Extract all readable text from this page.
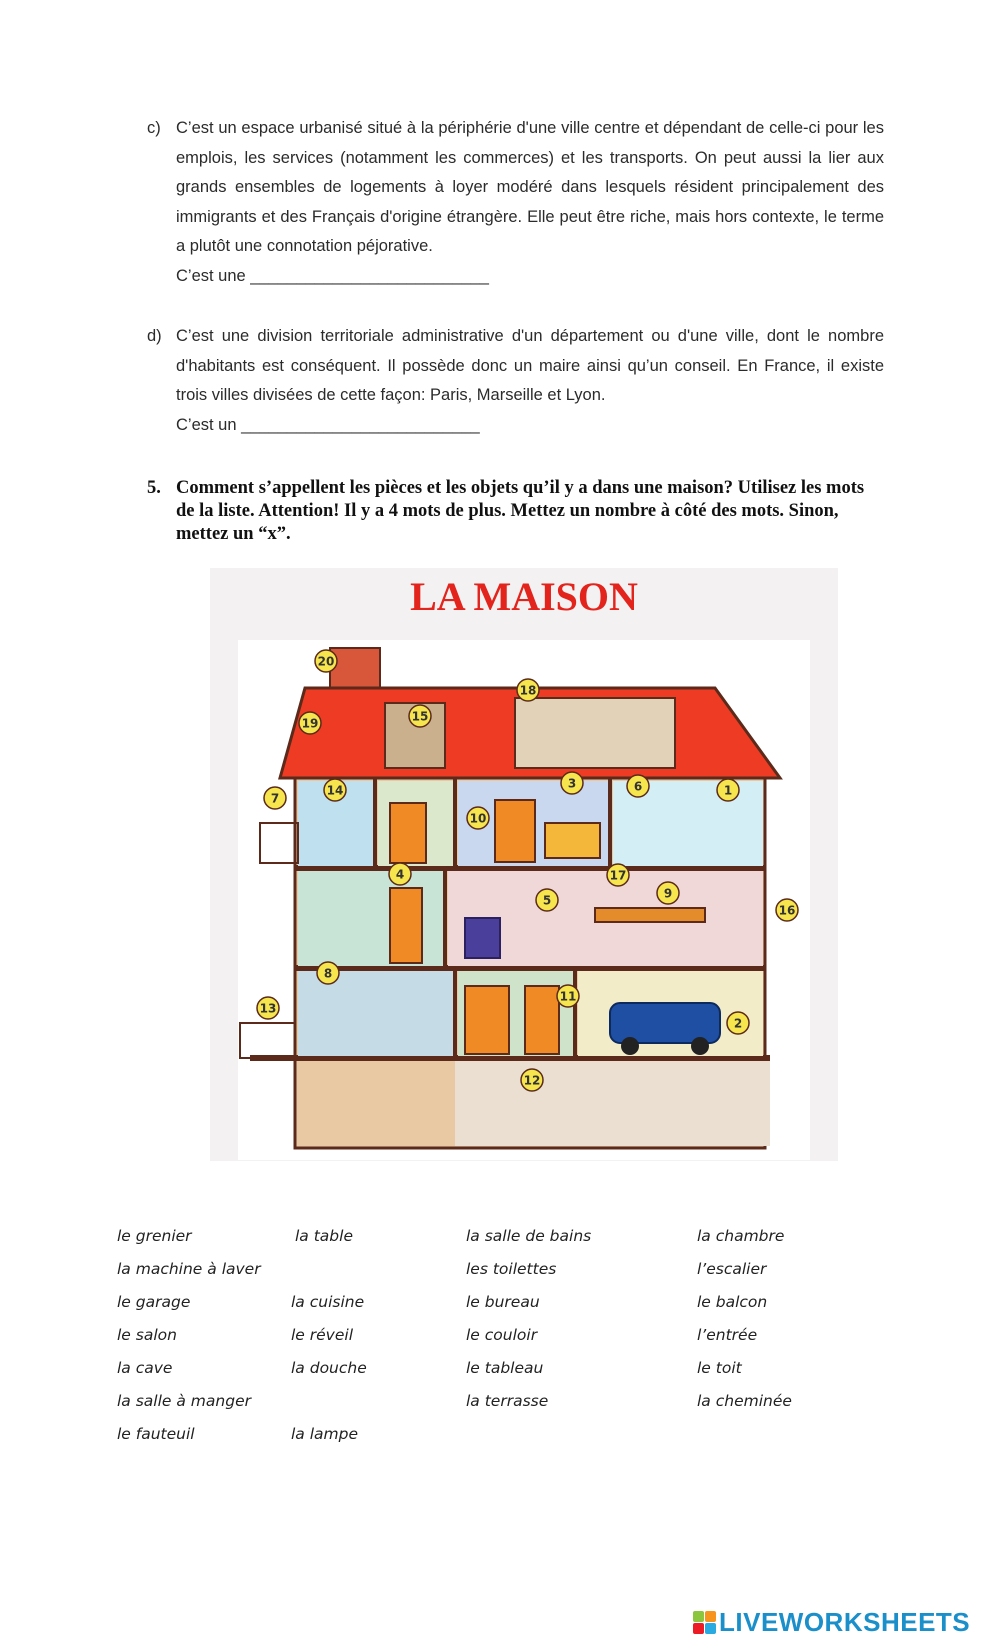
c) C’est un espace urbanisé situé à la périphérie d'une ville centre et dépendant de celle-ci pour les emplois, les services (notamment les commerces) et les transports. On peut aussi la lier aux grands ensembles de logements à loyer modéré dans lesquels résident principalement des immigrants et des Français d'origine étrangère. Elle peut être riche, mais hors contexte, le terme a plutôt une connotation péjorative.
C’est une __________________________
d) C’est une division territoriale administrative d'un département ou d'une ville, dont le nombre d'habitants est conséquent. Il possède donc un maire ainsi qu’un conseil. En France, il existe trois villes divisées de cette façon: Paris, Marseille et Lyon.
C’est un __________________________
5. Comment s’appellent les pièces et les objets qu’il y a dans une maison? Utilisez les mots de la liste. Attention! Il y a 4 mots de plus. Mettez un nombre à côté des mots. Sinon, mettez un “x”.
LA MAISON
1
2
3
4
5
6
7
8
9
10
11
12
13
14
15
16
17
18
19
20
le grenier
la machine à laver
le garage
le salon
la cave
la salle à manger
le fauteuil
la table
la cuisine
le réveil
la douche
la lampe
la salle de bains
les toilettes
le bureau
le couloir
le tableau
la terrasse
la chambre
l’escalier
le balcon
l’entrée
le toit
la cheminée
LIVEWORKSHEETS
